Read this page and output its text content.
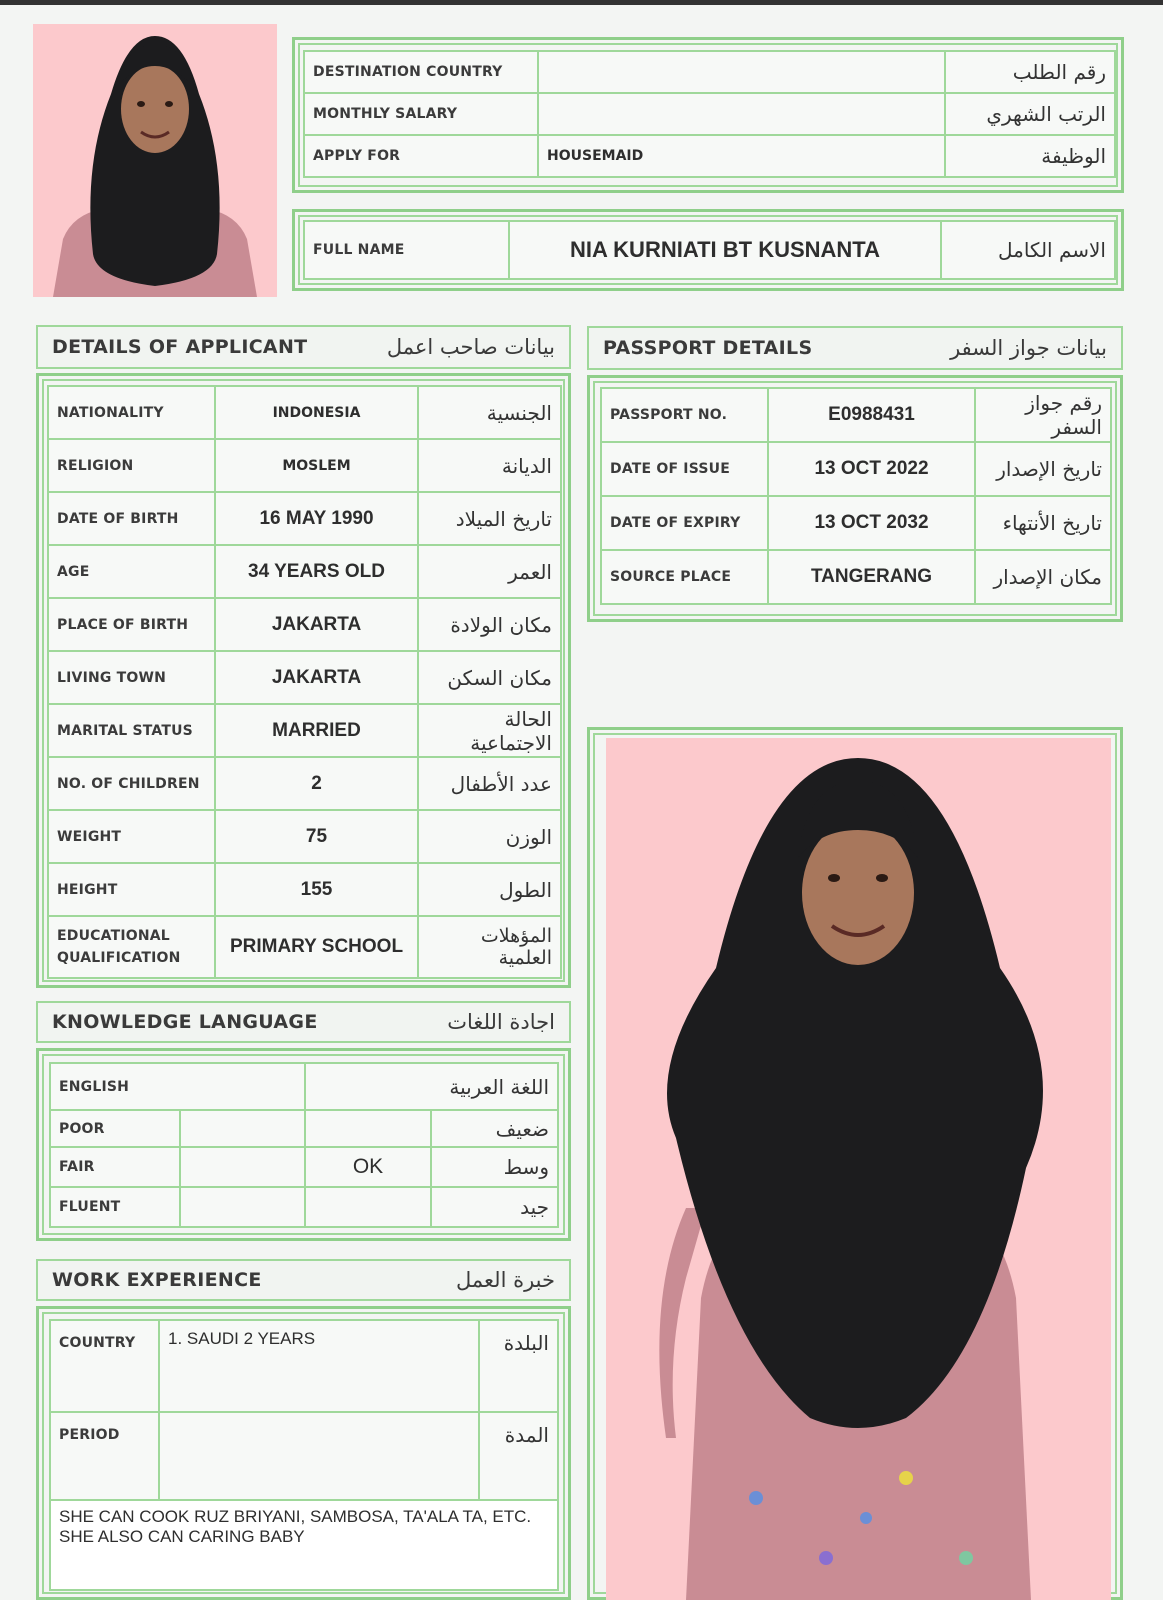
DESTINATION COUNTRY		رقم الطلب
MONTHLY SALARY		الرتب الشهري
APPLY FOR	HOUSEMAID	الوظيفة
FULL NAME	NIA KURNIATI BT KUSNANTA	الاسم الكامل
DETAILS OF APPLICANT	بيانات صاحب اعمل
NATIONALITY	INDONESIA	الجنسية
RELIGION	MOSLEM	الديانة
DATE OF BIRTH	16 MAY 1990	تاريخ الميلاد
AGE	34 YEARS OLD	العمر
PLACE OF BIRTH	JAKARTA	مكان الولادة
LIVING TOWN	JAKARTA	مكان السكن
MARITAL STATUS	MARRIED	الحالة الاجتماعية
NO. OF CHILDREN	2	عدد الأطفال
WEIGHT	75	الوزن
HEIGHT	155	الطول
EDUCATIONAL
QUALIFICATION	PRIMARY SCHOOL	المؤهلات العلمية
PASSPORT DETAILS	بيانات جواز السفر
PASSPORT NO.	E0988431	رقم جواز السفر
DATE OF ISSUE	13 OCT 2022	تاريخ الإصدار
DATE OF EXPIRY	13 OCT 2032	تاريخ الأنتهاء
SOURCE PLACE	TANGERANG	مكان الإصدار
KNOWLEDGE LANGUAGE	اجادة اللغات
ENGLISH		اللغة العربية	
POOR			ضعيف
FAIR		OK	وسط
FLUENT			جيد
WORK EXPERIENCE	خبرة العمل
COUNTRY	1. SAUDI 2 YEARS	البلدة
PERIOD		المدة
SHE CAN COOK RUZ BRIYANI, SAMBOSA, TA'ALA TA, ETC.
SHE ALSO CAN CARING BABY		
